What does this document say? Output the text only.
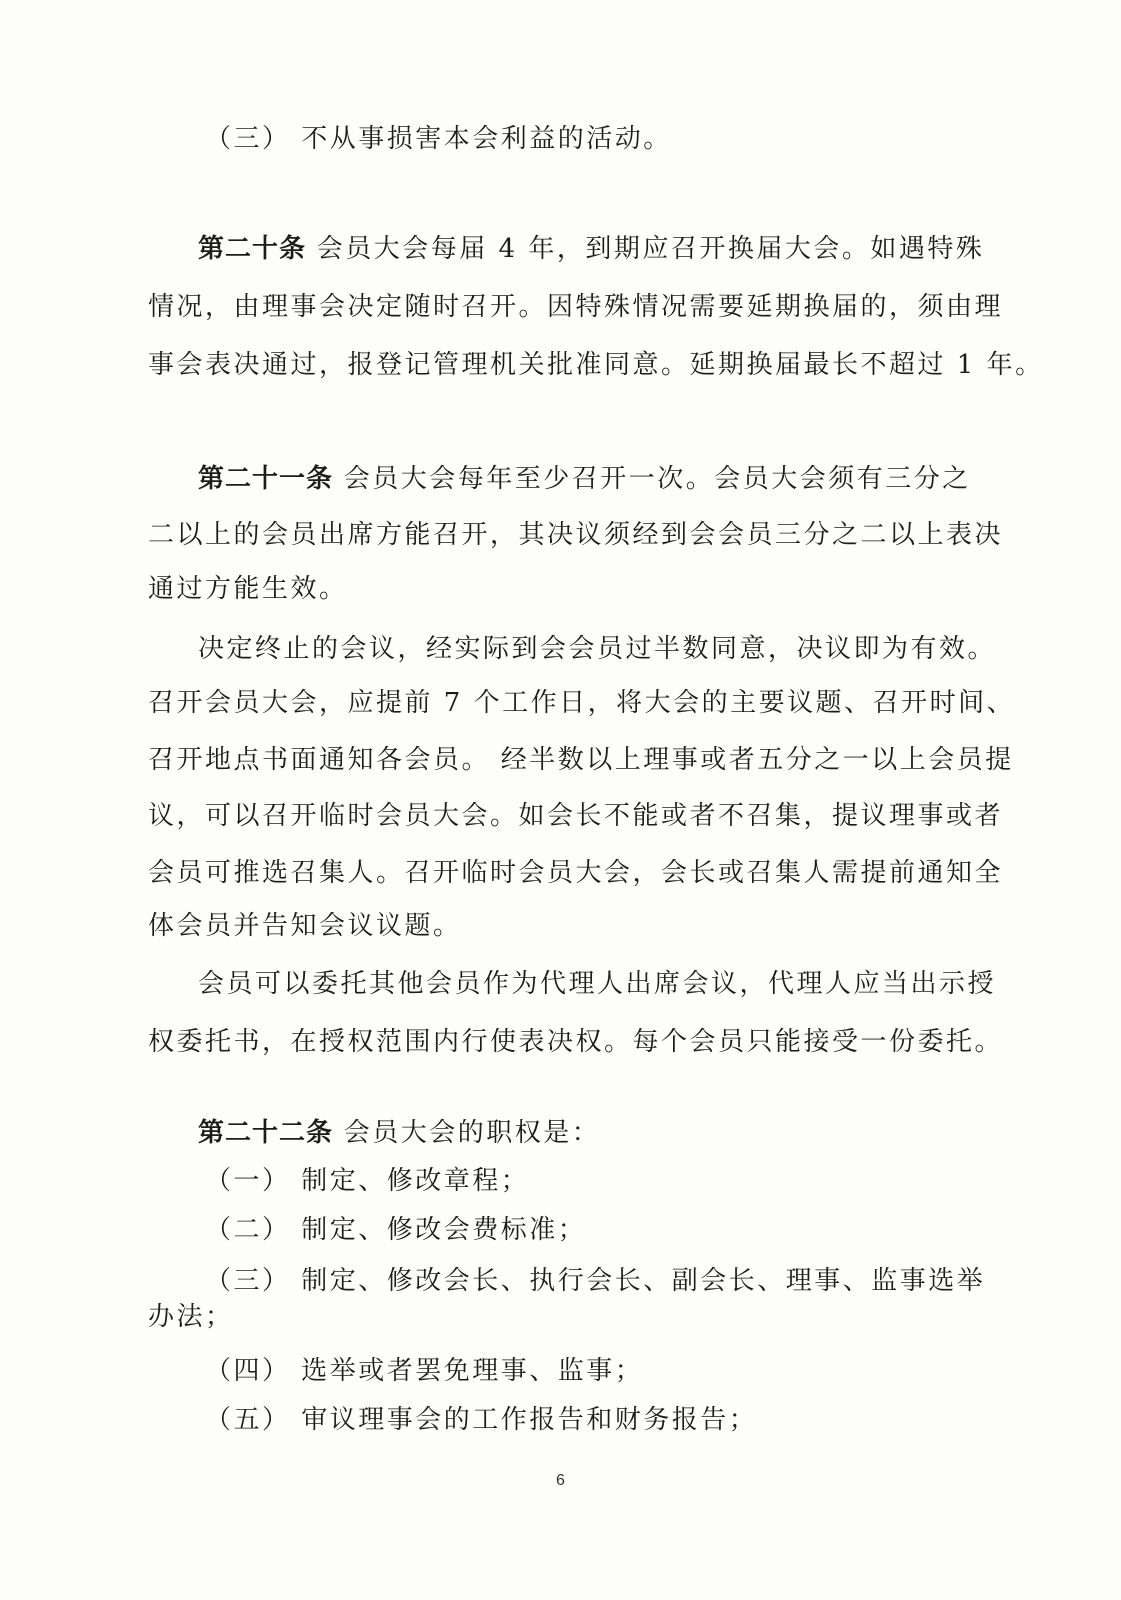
（三） 不从事损害本会利益的活动。
第二十条 会员大会每届 4 年，到期应召开换届大会。如遇特殊
情况，由理事会决定随时召开。因特殊情况需要延期换届的，须由理
事会表决通过，报登记管理机关批准同意。延期换届最长不超过 1 年。
第二十一条 会员大会每年至少召开一次。会员大会须有三分之
二以上的会员出席方能召开，其决议须经到会会员三分之二以上表决
通过方能生效。
决定终止的会议，经实际到会会员过半数同意，决议即为有效。
召开会员大会，应提前 7 个工作日，将大会的主要议题、召开时间、
召开地点书面通知各会员。 经半数以上理事或者五分之一以上会员提
议，可以召开临时会员大会。如会长不能或者不召集，提议理事或者
会员可推选召集人。召开临时会员大会，会长或召集人需提前通知全
体会员并告知会议议题。
会员可以委托其他会员作为代理人出席会议，代理人应当出示授
权委托书，在授权范围内行使表决权。每个会员只能接受一份委托。
第二十二条 会员大会的职权是：
（一） 制定、修改章程；
（二） 制定、修改会费标准；
（三） 制定、修改会长、执行会长、副会长、理事、监事选举
办法；
（四） 选举或者罢免理事、监事；
（五） 审议理事会的工作报告和财务报告；
6
